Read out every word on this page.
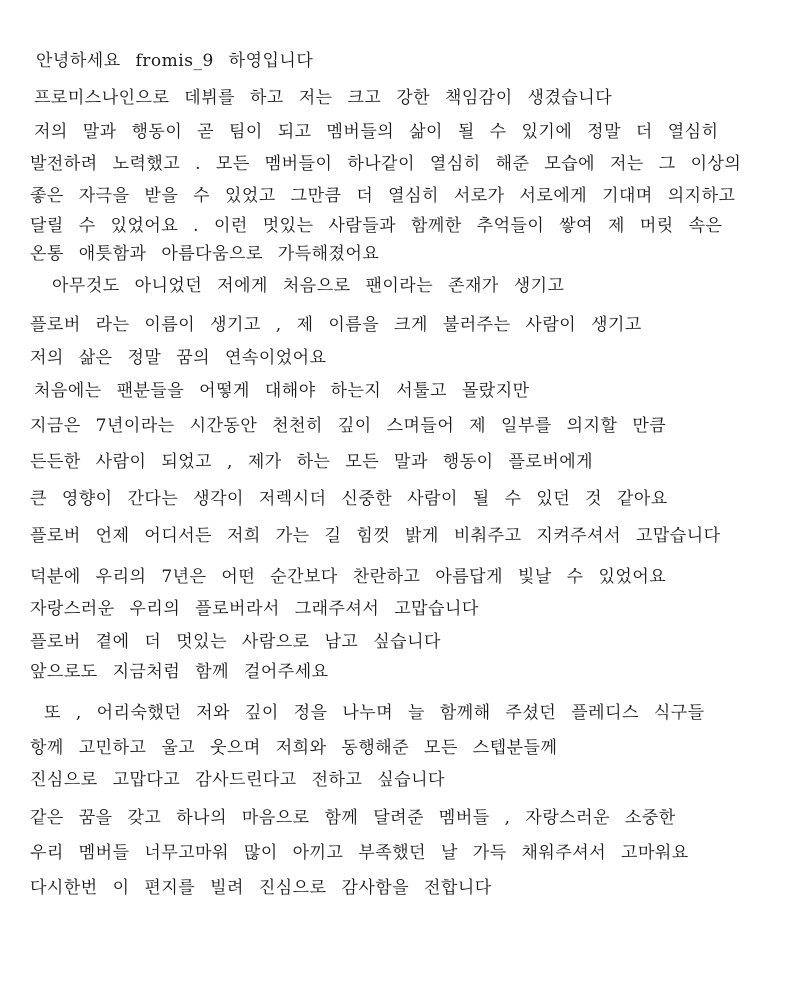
안녕하세요 fromis_9 하영입니다
프로미스나인으로 데뷔를 하고 저는 크고 강한 책임감이 생겼습니다
저의 말과 행동이 곧 팀이 되고 멤버들의 삶이 될 수 있기에 정말 더 열심히
발전하려 노력했고 . 모든 멤버들이 하나같이 열심히 해준 모습에 저는 그 이상의
좋은 자극을 받을 수 있었고 그만큼 더 열심히 서로가 서로에게 기대며 의지하고
달릴 수 있었어요 . 이런 멋있는 사람들과 함께한 추억들이 쌓여 제 머릿 속은
온통 애틋함과 아름다움으로 가득해졌어요
아무것도 아니었던 저에게 처음으로 팬이라는 존재가 생기고
플로버 라는 이름이 생기고 , 제 이름을 크게 불러주는 사람이 생기고
저의 삶은 정말 꿈의 연속이었어요
처음에는 팬분들을 어떻게 대해야 하는지 서툴고 몰랐지만
지금은 7년이라는 시간동안 천천히 깊이 스며들어 제 일부를 의지할 만큼
든든한 사람이 되었고 , 제가 하는 모든 말과 행동이 플로버에게
큰 영향이 간다는 생각이 저렉시더 신중한 사람이 될 수 있던 것 같아요
플로버 언제 어디서든 저희 가는 길 힘껏 밝게 비춰주고 지켜주셔서 고맙습니다
덕분에 우리의 7년은 어떤 순간보다 찬란하고 아름답게 빛날 수 있었어요
자랑스러운 우리의 플로버라서 그래주셔서 고맙습니다
플로버 곁에 더 멋있는 사람으로 남고 싶습니다
앞으로도 지금처럼 함께 걸어주세요
또 , 어리숙했던 저와 깊이 정을 나누며 늘 함께해 주셨던 플레디스 식구들
항께 고민하고 울고 웃으며 저희와 동행해준 모든 스텝분들께
진심으로 고맙다고 감사드린다고 전하고 싶습니다
같은 꿈을 갖고 하나의 마음으로 함께 달려준 멤버들 , 자랑스러운 소중한
우리 멤버들 너무고마워 많이 아끼고 부족했던 날 가득 채워주셔서 고마워요
다시한번 이 편지를 빌려 진심으로 감사함을 전합니다
